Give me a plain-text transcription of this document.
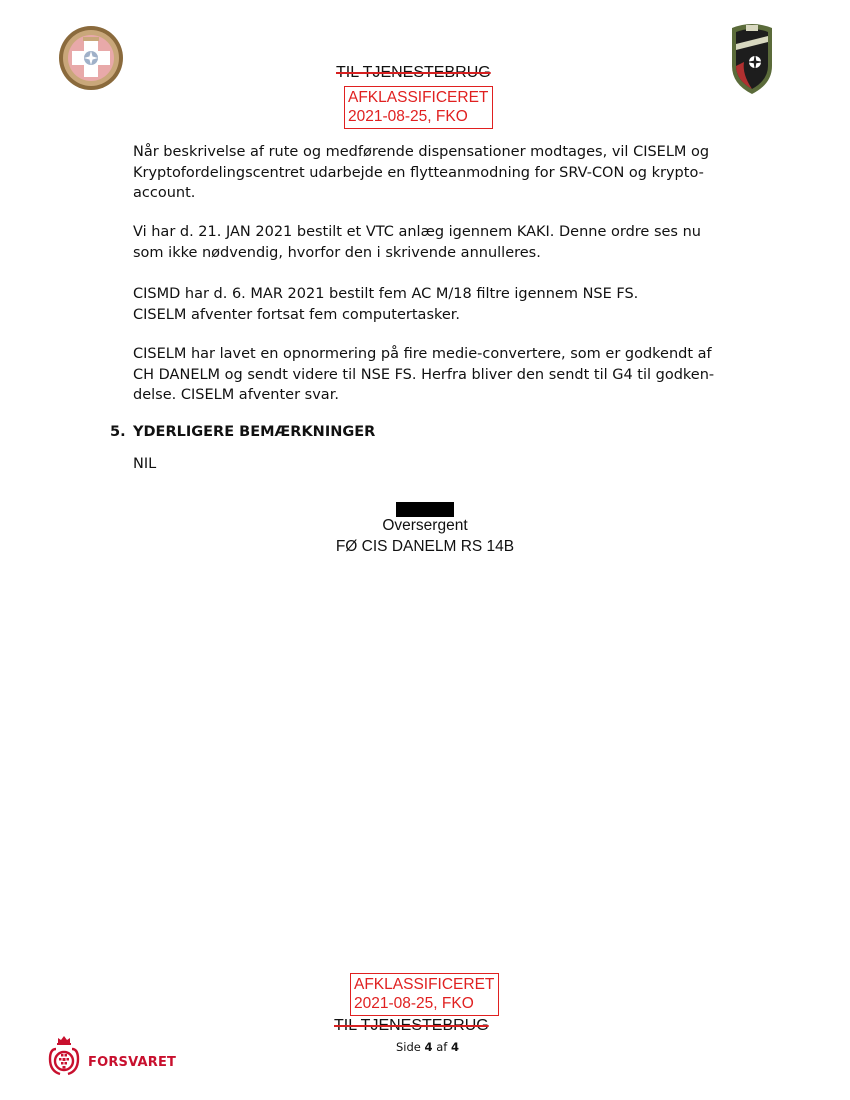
TIL TJENESTEBRUG
AFKLASSIFICERET
2021-08-25, FKO
Når beskrivelse af rute og medførende dispensationer modtages, vil CISELM og
Kryptofordelingscentret udarbejde en flytteanmodning for SRV-CON og krypto-
account.
Vi har d. 21. JAN 2021 bestilt et VTC anlæg igennem KAKI. Denne ordre ses nu
som ikke nødvendig, hvorfor den i skrivende annulleres.
CISMD har d. 6. MAR 2021 bestilt fem AC M/18 filtre igennem NSE FS.
CISELM afventer fortsat fem computertasker.
CISELM har lavet en opnormering på fire medie-convertere, som er godkendt af
CH DANELM og sendt videre til NSE FS. Herfra bliver den sendt til G4 til godken-
delse. CISELM afventer svar.
5. YDERLIGERE BEMÆRKNINGER
NIL
Oversergent
FØ CIS DANELM RS 14B
AFKLASSIFICERET
2021-08-25, FKO
TIL TJENESTEBRUG
Side 4 af 4
FORSVARET
